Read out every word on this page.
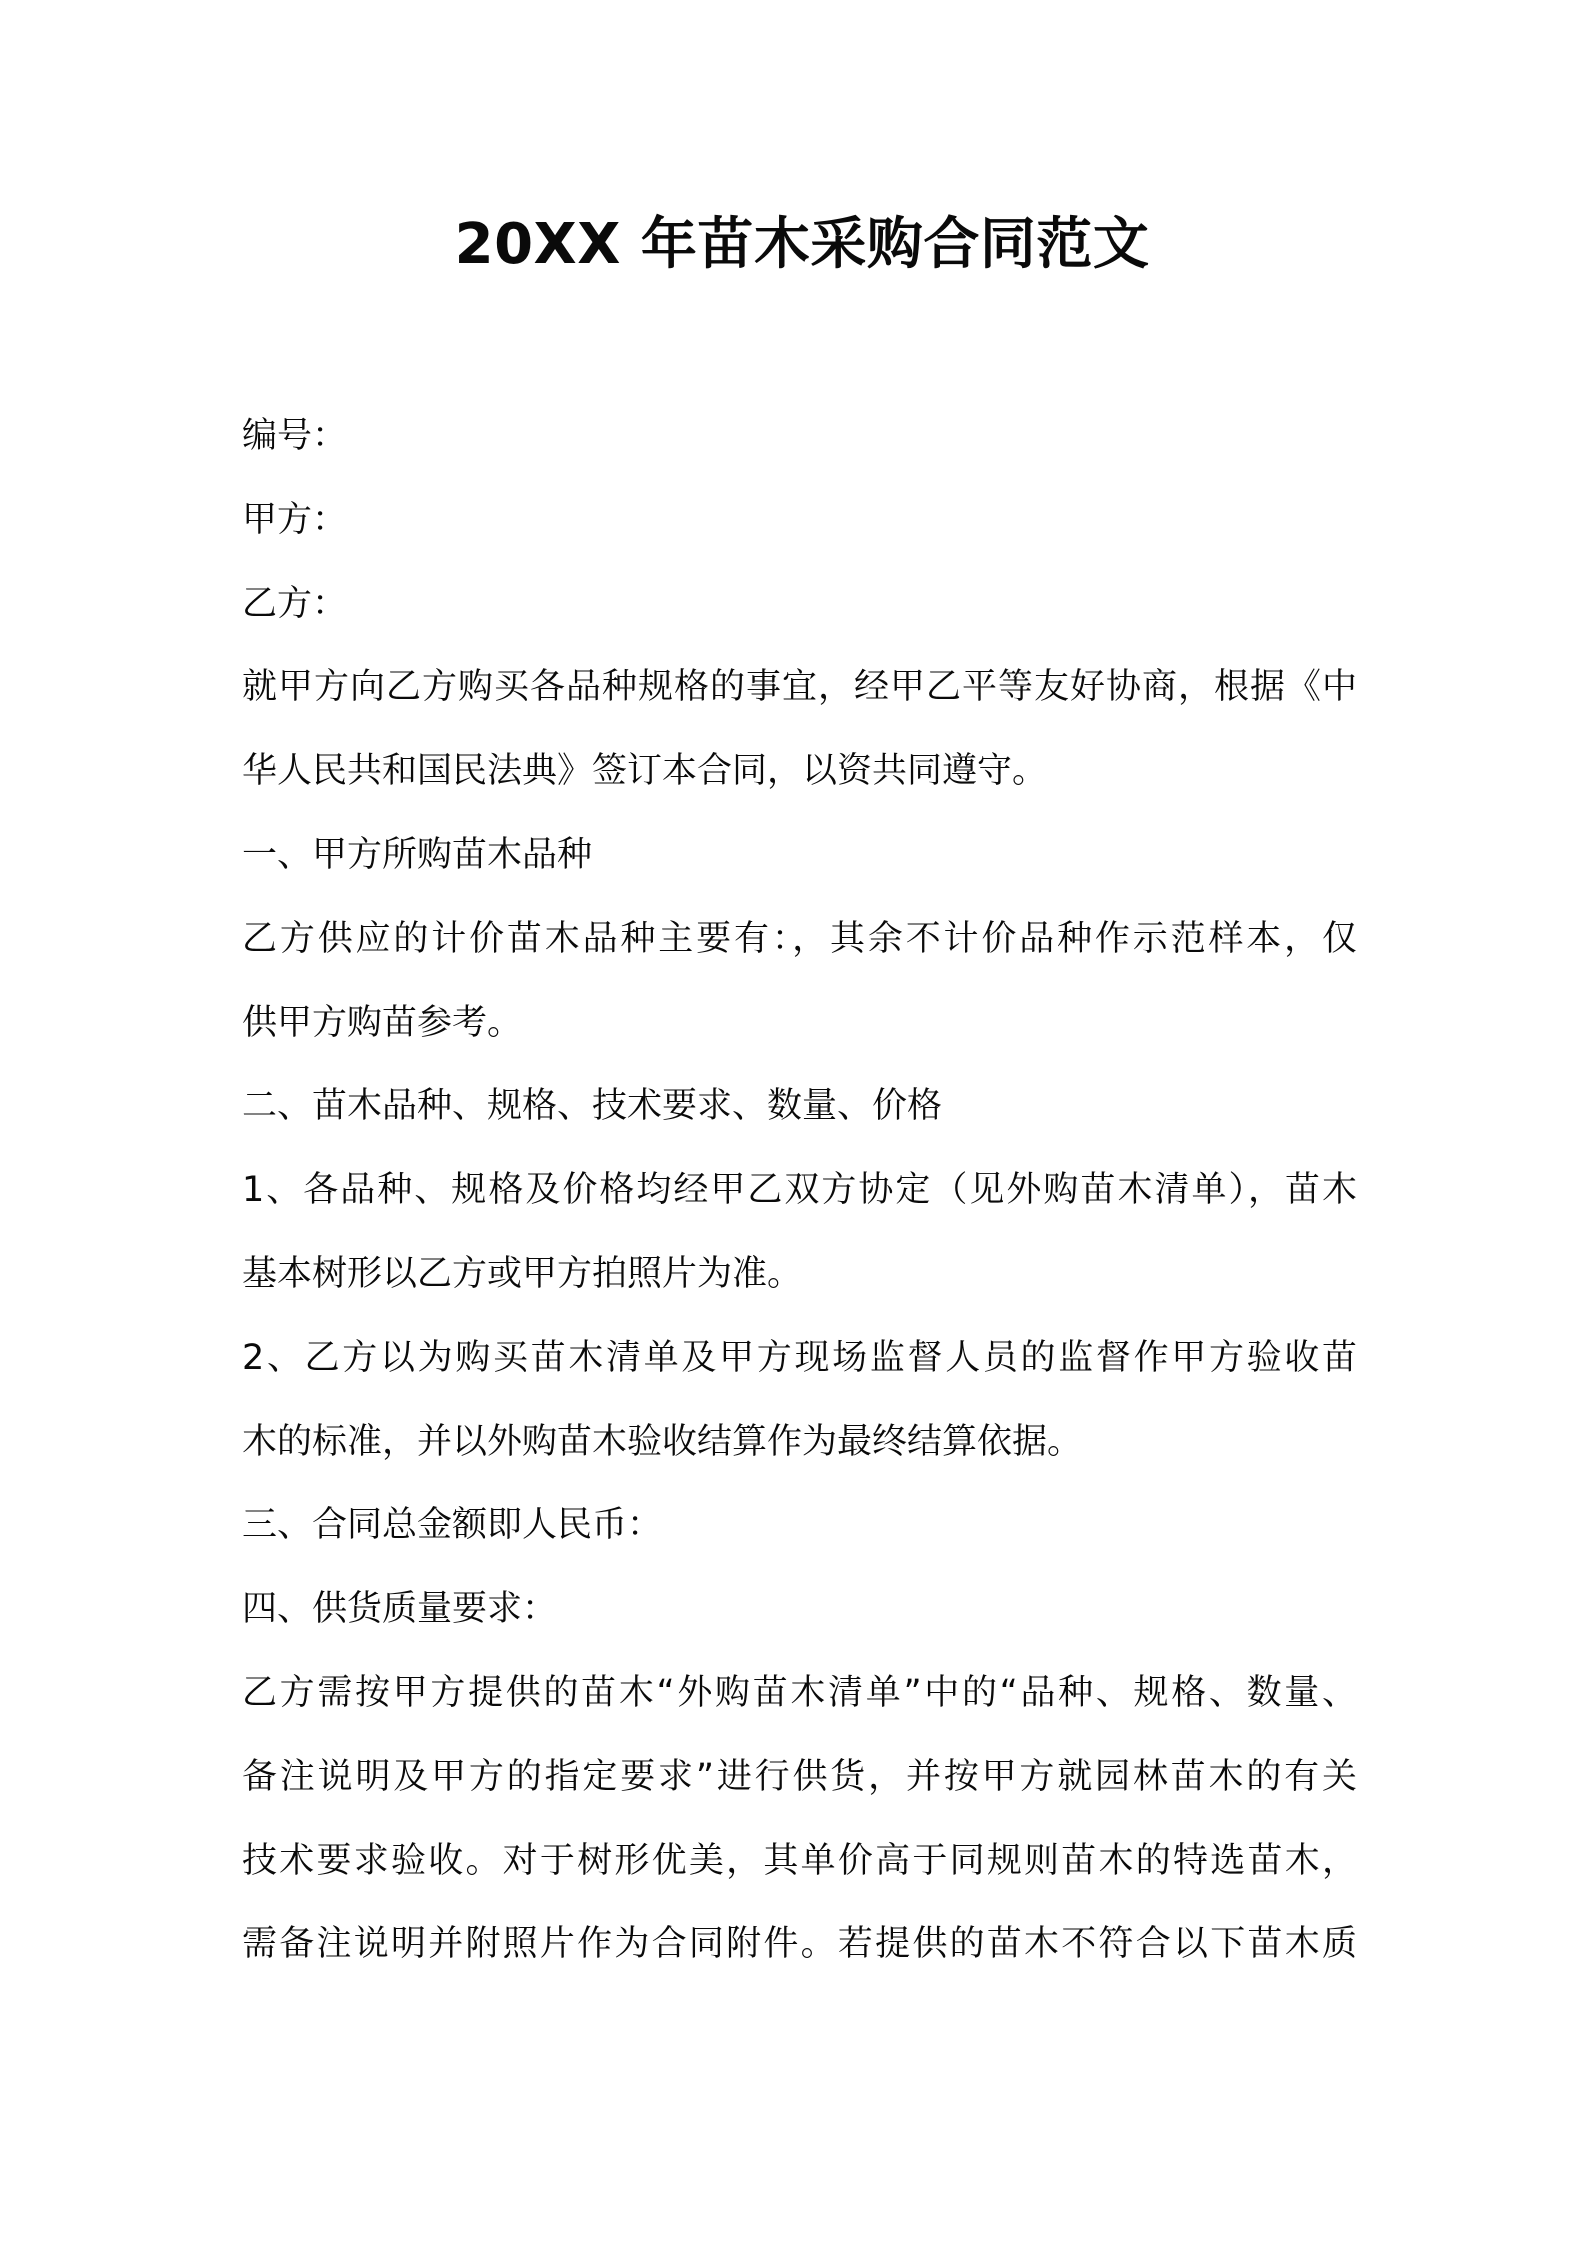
20XX 年苗木采购合同范文
编号：
甲方：
乙方：
就甲方向乙方购买各品种规格的事宜，经甲乙平等友好协商，根据《中
华人民共和国民法典》签订本合同，以资共同遵守。
一、甲方所购苗木品种
乙方供应的计价苗木品种主要有：，其余不计价品种作示范样本，仅
供甲方购苗参考。
二、苗木品种、规格、技术要求、数量、价格
1、各品种、规格及价格均经甲乙双方协定（见外购苗木清单），苗木
基本树形以乙方或甲方拍照片为准。
2、乙方以为购买苗木清单及甲方现场监督人员的监督作甲方验收苗
木的标准，并以外购苗木验收结算作为最终结算依据。
三、合同总金额即人民币：
四、供货质量要求：
乙方需按甲方提供的苗木“外购苗木清单”中的“品种、规格、数量、
备注说明及甲方的指定要求”进行供货，并按甲方就园林苗木的有关
技术要求验收。对于树形优美，其单价高于同规则苗木的特选苗木，
需备注说明并附照片作为合同附件。若提供的苗木不符合以下苗木质
